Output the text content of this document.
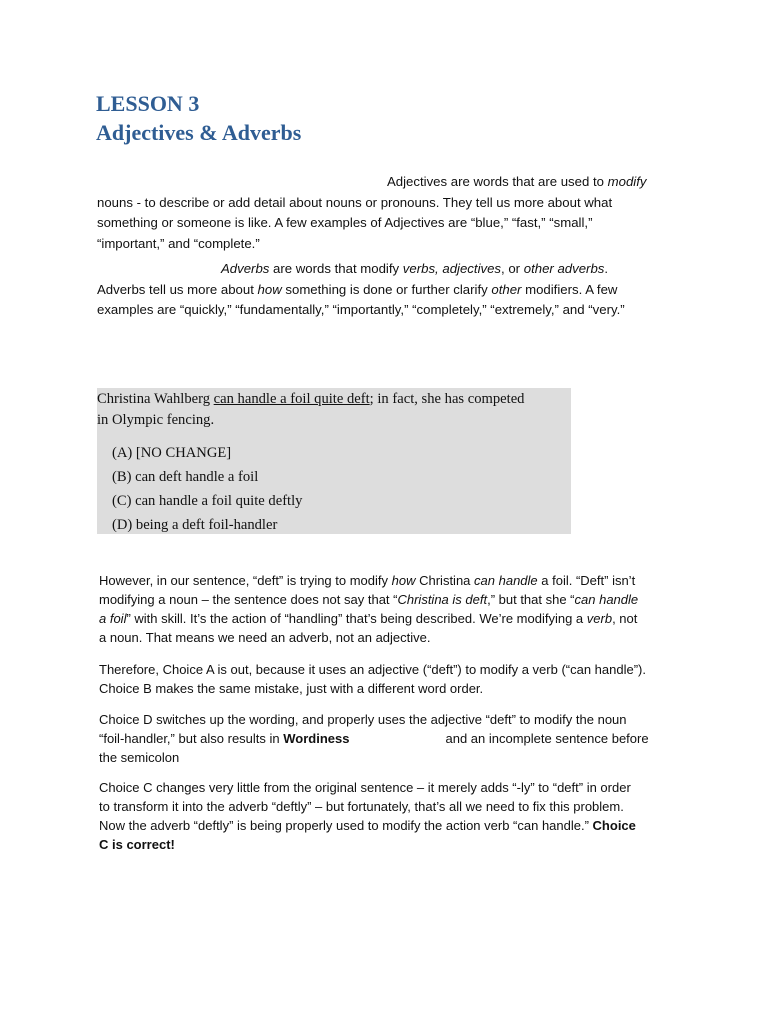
LESSON 3
Adjectives & Adverbs

Adjectives are words that are used to modify
nouns - to describe or add detail about nouns or pronouns. They tell us more about what
something or someone is like. A few examples of Adjectives are “blue,” “fast,” “small,”
“important,” and “complete.”

Adverbs are words that modify verbs, adjectives, or other adverbs.
Adverbs tell us more about how something is done or further clarify other modifiers. A few
examples are “quickly,” “fundamentally,” “importantly,” “completely,” “extremely,” and “very.”

Christina Wahlberg can handle a foil quite deft; in fact, she has competed
in Olympic fencing.
(A) [NO CHANGE]
(B) can deft handle a foil
(C) can handle a foil quite deftly
(D) being a deft foil-handler

However, in our sentence, “deft” is trying to modify how Christina can handle a foil. “Deft” isn’t
modifying a noun – the sentence does not say that “Christina is deft,” but that she “can handle
a foil” with skill. It’s the action of “handling” that’s being described. We’re modifying a verb, not
a noun. That means we need an adverb, not an adjective.

Therefore, Choice A is out, because it uses an adjective (“deft”) to modify a verb (“can handle”).
Choice B makes the same mistake, just with a different word order.

Choice D switches up the wording, and properly uses the adjective “deft” to modify the noun
“foil-handler,” but also results in Wordiness	and an incomplete sentence before
the semicolon

Choice C changes very little from the original sentence – it merely adds “-ly” to “deft” in order
to transform it into the adverb “deftly” – but fortunately, that’s all we need to fix this problem.
Now the adverb “deftly” is being properly used to modify the action verb “can handle.” Choice
C is correct!
